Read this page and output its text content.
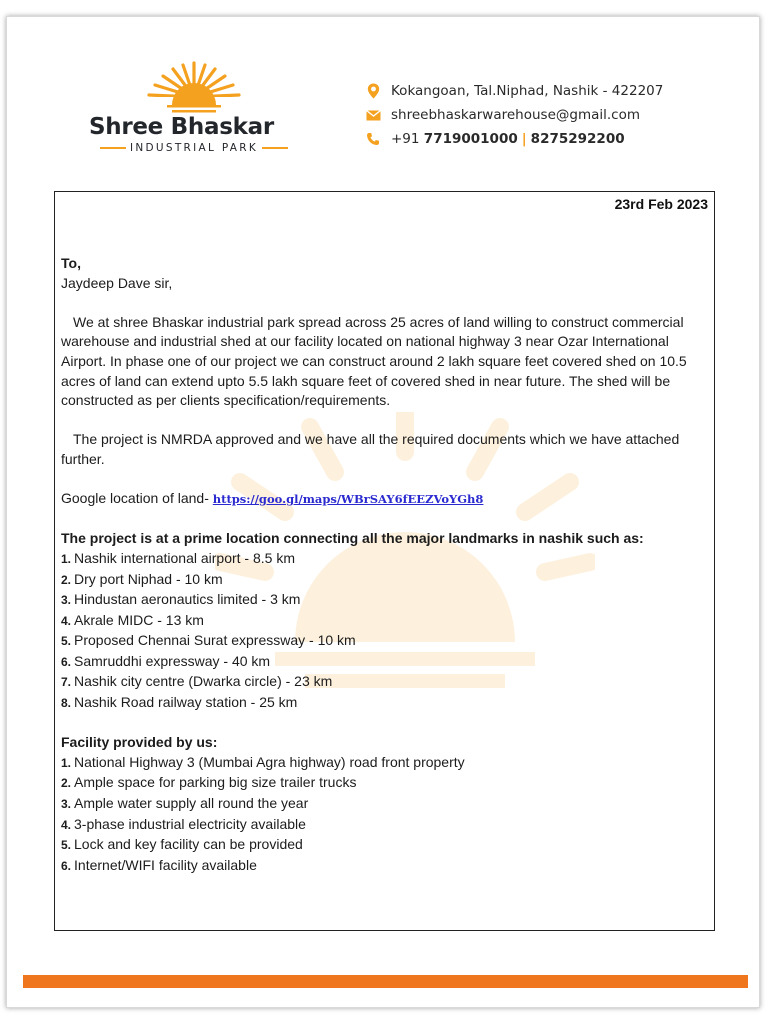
Shree Bhaskar
INDUSTRIAL PARK
Kokangoan, Tal.Niphad, Nashik - 422207
shreebhaskarwarehouse@gmail.com
+91
7719001000 | 8275292200
23rd Feb 2023

To,

Jaydeep Dave sir,

We at shree Bhaskar industrial park spread across 25 acres of land willing to construct commercial warehouse and industrial shed at our facility located on national highway 3 near Ozar International Airport. In phase one of our project we can construct around 2 lakh square feet covered shed on 10.5 acres of land can extend upto 5.5 lakh square feet of covered shed in near future. The shed will be constructed as per clients specification/requirements.

The project is NMRDA approved and we have all the required documents which we have attached further.

Google location of land- https://goo.gl/maps/WBrSAY6fEEZVoYGh8

The project is at a prime location connecting all the major landmarks in nashik such as:

1. Nashik international airport - 8.5 km
2. Dry port Niphad - 10 km
3. Hindustan aeronautics limited - 3 km
4. Akrale MIDC - 13 km
5. Proposed Chennai Surat expressway - 10 km
6. Samruddhi expressway - 40 km
7. Nashik city centre (Dwarka circle) - 23 km
8. Nashik Road railway station - 25 km

Facility provided by us:

1. National Highway 3 (Mumbai Agra highway) road front property
2. Ample space for parking big size trailer trucks
3. Ample water supply all round the year
4. 3-phase industrial electricity available
5. Lock and key facility can be provided
6. Internet/WIFI facility available
